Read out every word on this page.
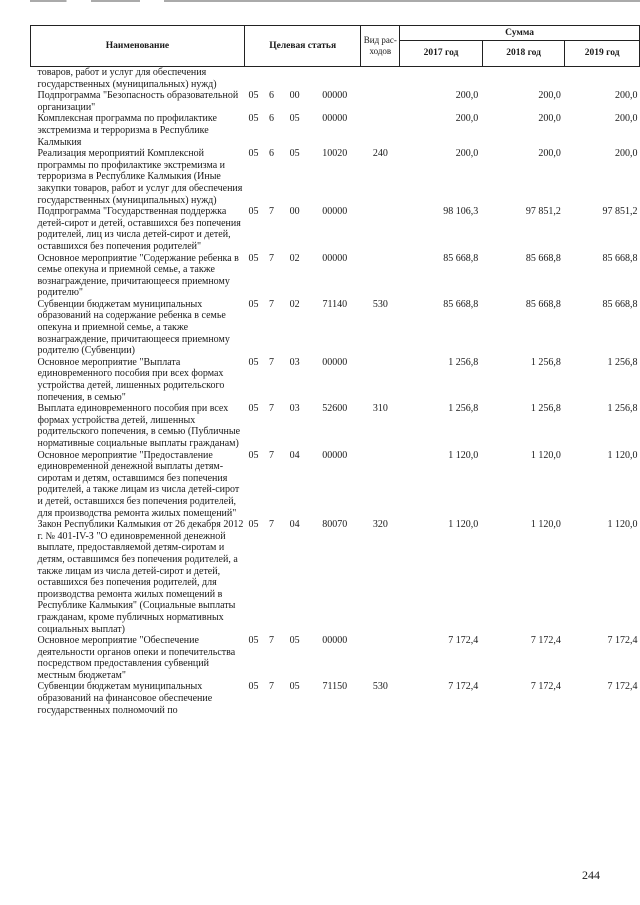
Наименование	Целевая статья				Вид рас-ходов	Сумма		
						2017 год	2018 год	2019 год
товаров, работ и услуг для обеспечения государственных (муниципальных) нужд)								
Подпрограмма "Безопасность образовательной организации"	05	6	00	00000		200,0	200,0	200,0
Комплексная программа по профилактике экстремизма и терроризма в Республике Калмыкия	05	6	05	00000		200,0	200,0	200,0
Реализация мероприятий Комплексной программы по профилактике экстремизма и терроризма в Республике Калмыкия (Иные закупки товаров, работ и услуг для обеспечения государственных (муниципальных) нужд)	05	6	05	10020	240	200,0	200,0	200,0
Подпрограмма "Государственная поддержка детей-сирот и детей, оставшихся без попечения родителей, лиц из числа детей-сирот и детей, оставшихся без попечения родителей"	05	7	00	00000		98 106,3	97 851,2	97 851,2
Основное мероприятие "Содержание ребенка в семье опекуна и приемной семье, а также вознаграждение, причитающееся приемному родителю"	05	7	02	00000		85 668,8	85 668,8	85 668,8
Субвенции бюджетам муниципальных образований на содержание ребенка в семье опекуна и приемной семье, а также вознаграждение, причитающееся приемному родителю (Субвенции)	05	7	02	71140	530	85 668,8	85 668,8	85 668,8
Основное мероприятие "Выплата единовременного пособия при всех формах устройства детей, лишенных родительского попечения, в семью"	05	7	03	00000		1 256,8	1 256,8	1 256,8
Выплата единовременного пособия при всех формах устройства детей, лишенных родительского попечения, в семью (Публичные нормативные социальные выплаты гражданам)	05	7	03	52600	310	1 256,8	1 256,8	1 256,8
Основное мероприятие "Предоставление единовременной денежной выплаты детям-сиротам и детям, оставшимся без попечения родителей, а также лицам из числа детей-сирот и детей, оставшихся без попечения родителей, для производства ремонта жилых помещений"	05	7	04	00000		1 120,0	1 120,0	1 120,0
Закон Республики Калмыкия от 26 декабря 2012 г. № 401-IV-З "О единовременной денежной выплате, предоставляемой детям-сиротам и детям, оставшимся без попечения родителей, а также лицам из числа детей-сирот и детей, оставшихся без попечения родителей, для производства ремонта жилых помещений в Республике Калмыкия" (Социальные выплаты гражданам, кроме публичных нормативных социальных выплат)	05	7	04	80070	320	1 120,0	1 120,0	1 120,0
Основное мероприятие "Обеспечение деятельности органов опеки и попечительства посредством предоставления субвенций местным бюджетам"	05	7	05	00000		7 172,4	7 172,4	7 172,4
Субвенции бюджетам муниципальных образований на финансовое обеспечение государственных полномочий по	05	7	05	71150	530	7 172,4	7 172,4	7 172,4
244
